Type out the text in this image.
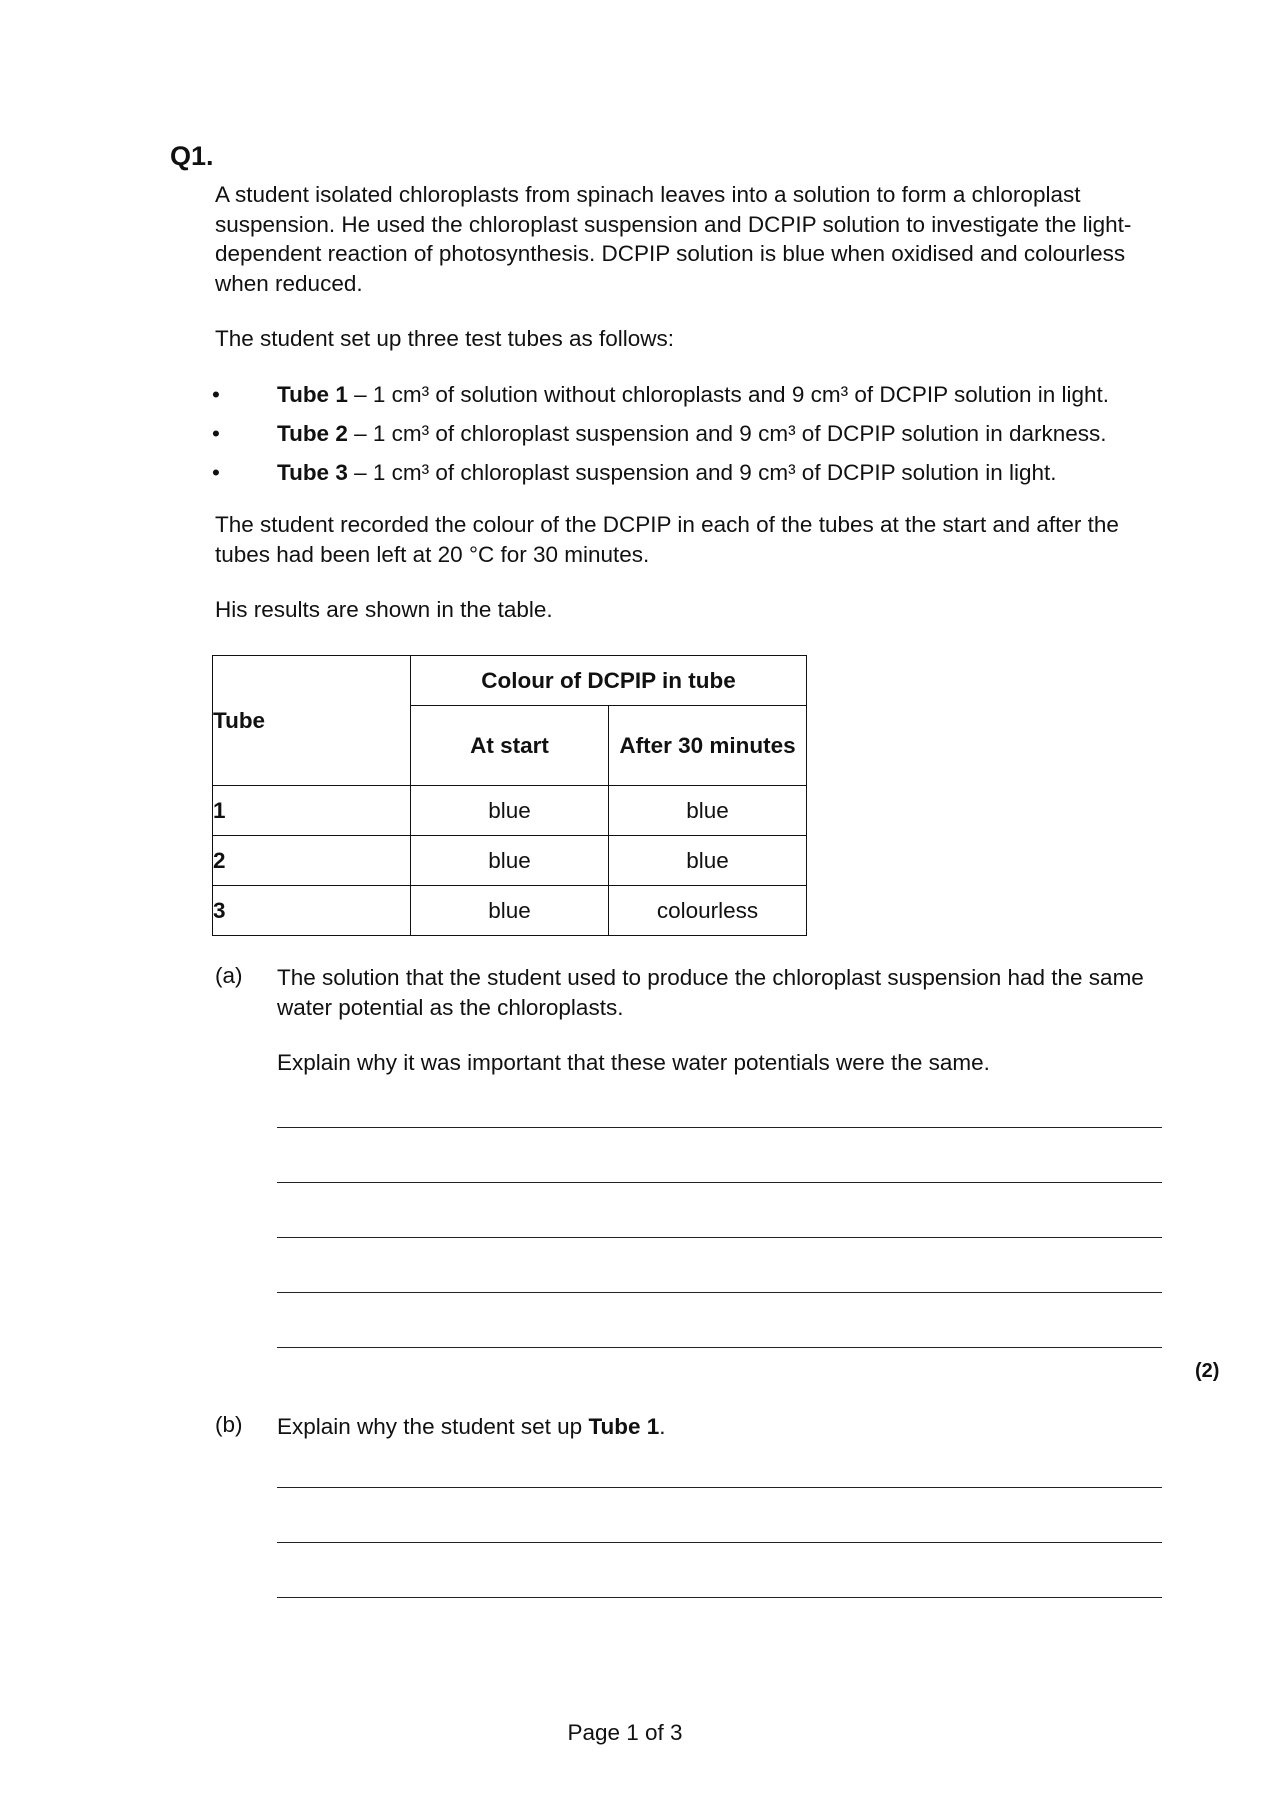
Q1.

A student isolated chloroplasts from spinach leaves into a solution to form a chloroplast suspension. He used the chloroplast suspension and DCPIP solution to investigate the light-dependent reaction of photosynthesis. DCPIP solution is blue when oxidised and colourless when reduced.

The student set up three test tubes as follows:

•	Tube 1 – 1 cm³ of solution without chloroplasts and 9 cm³ of DCPIP solution in light.
•	Tube 2 – 1 cm³ of chloroplast suspension and 9 cm³ of DCPIP solution in darkness.
•	Tube 3 – 1 cm³ of chloroplast suspension and 9 cm³ of DCPIP solution in light.

The student recorded the colour of the DCPIP in each of the tubes at the start and after the tubes had been left at 20 °C for 30 minutes.

His results are shown in the table.

Tube	Colour of DCPIP in tube	
	At start	After 30 minutes
1	blue	blue
2	blue	blue
3	blue	colourless

(a) The solution that the student used to produce the chloroplast suspension had the same water potential as the chloroplasts.

Explain why it was important that these water potentials were the same.

(2)

(b) Explain why the student set up Tube 1.

Page 1 of 3
